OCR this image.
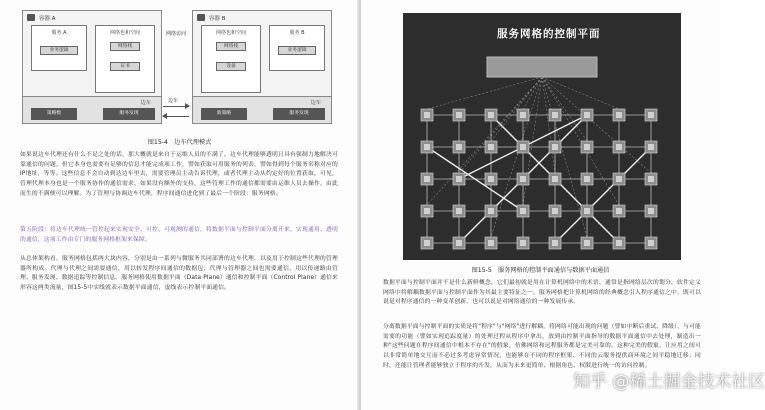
容器 A
服务 A
业务逻辑
网络也和空间
网络栈
证书
容器 B
网络也和空间
网络栈
设备
服务 B
业务逻辑
网络访问
边车
策略数	服务发现
边车	边车
新策略	服务发现
图15-4　边车代理模式

如果说边车代理还有什么不足之处的话，那大概就是来自于运维人员的不满了。边车代理能够透明且具有强制力地解决可靠通信的问题，但它本身也需要有足够的信息才能完成项工作，譬如获取可用服务的列表，譬如得到每个服务名称对应的IP地址，等等。这些信息不会自动到达边车里去，需要管理员主动告诉代理，或者代理主动从约定好的位置获取。可见，管理代理本身也是一个服务协作的通信需求，如果没有额外的支持，这些管理工作的通信都需要由运维人员去操作，由此而生的不满便可以理解。为了管理与协调边车代理，程序间通信进化到了最后一个阶段：服务网格。

第五阶段：将边车代理统一管控起来实现安全、可控、可观测的通信，将数据平面与控制平面分离开来，实现通用、透明的通信，这项工作由专门的服务网格框架来保障。

从总体架构看，服务网格包括两大块内容，分别是由一系列与微服务共同部署的边车代理，以及用于控制这些代理的管理器所构成。代理与代理之间需要通信，用以转发程序间通信的数据包；代理与管理器之间也需要通信，用以传递路由管理、服务发现、数据追踪等控制信息。服务网格使用数据平面（Data Plane）通信和控制平面（Control Plane）通信来形容这两类流量，图15-5中实线就表示数据平面通信，虚线表示控制平面通信。

服务网格的控制平面
图15-5　服务网格的控制平面通信与数据平面通信

数据平面与控制平面并不是什么新鲜概念，它们最初就是用在计算机网络中的术语，通常是指网络层次的划分，软件定义网络中将解耦数据平面与控制平面作为其最主要特征之一。服务网格把计算机网络的经典概念引入程序通信之中，既可以说是对程序通信的一种变革创新，也可以说是对网络通信的一种发展传承。

分离数据平面与控制平面的实质是将"程序"与"网络"进行解耦，将网络可能出现的问题（譬如中断后重试、降级），与可能需要的功能（譬如实现追踪度量）的处理过程从程序中拿出，放到由控制平面指导的数据平面通信中去处理，制造出一种"这些问题在程序间通信中根本不存在"的假象，仿佛网络和远程服务都是完美可靠的。这种完美的假象，让应用之间可以非常简单地交互而不必过多考虑异常情况，也能够在不同的程序框架、不同的云服务提供商环境之间平稳地迁移；同时，还能让管理者能够独立于程序的开发，从而为未来更简单、根据角色、权限进行统一的访问控制。

知乎 @稀土掘金技术社区
